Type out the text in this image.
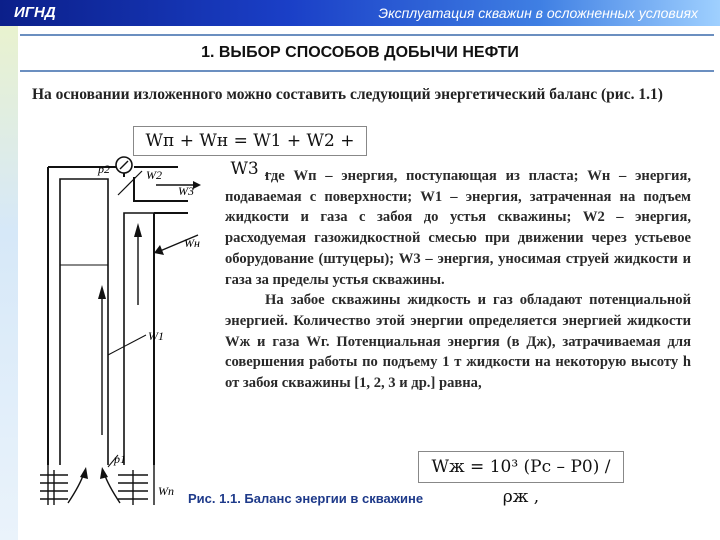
ИГНД	Эксплуатация скважин в осложненных условиях
1. ВЫБОР СПОСОБОВ ДОБЫЧИ НЕФТИ
На основании изложенного можно составить следующий энергетический баланс (рис. 1.1)
Wп + Wн = W1 + W2 + W3 ,
p2	W2
W3
Wн
W1
p1
Wп

где Wп – энергия, поступающая из пласта; Wн – энергия, подаваемая с поверхности; W1 – энергия, затраченная на подъем жидкости и газа с забоя до устья скважины; W2 – энергия, расходуемая газожидкостной смесью при движении через устьевое оборудование (штуцеры); W3 – энергия, уносимая струей жидкости и газа за пределы устья скважины.

На забое скважины жидкость и газ обладают потенциальной энергией. Количество этой энергии определяется энергией жидкости Wж и газа Wг. Потенциальная энергия (в Дж), затрачиваемая для совершения работы по подъему 1 т жидкости на некоторую высоту h от забоя скважины [1, 2, 3 и др.] равна,

Wж = 10³ (Pc – P0) / ρж ,
Рис. 1.1. Баланс энергии в скважине
